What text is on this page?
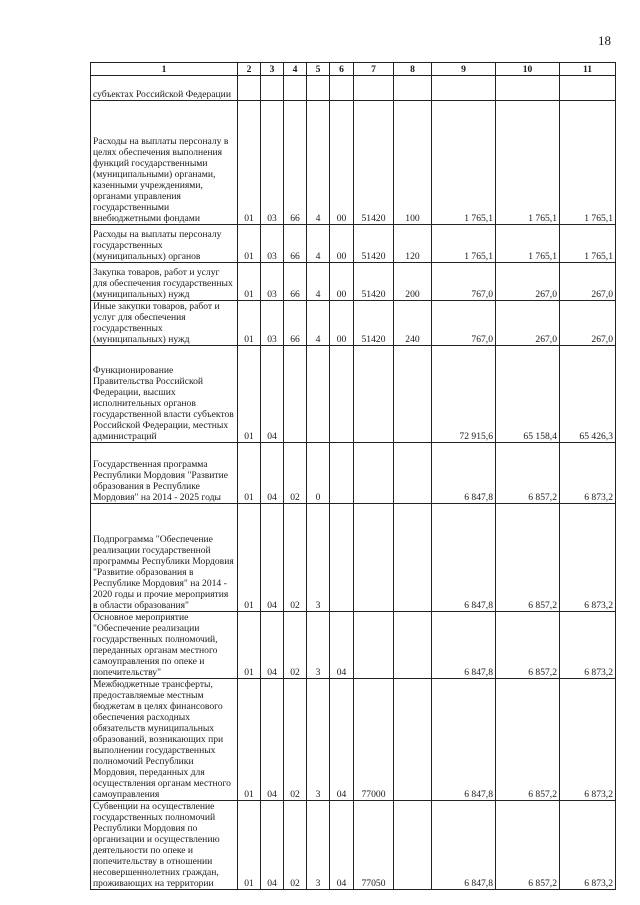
18
1	2	3	4	5	6	7	8	9	10	11
субъектах Российской Федерации										
Расходы на выплаты персоналу в целях обеспечения выполнения функций государственными (муниципальными) органами, казенными учреждениями, органами управления государственными внебюджетными фондами	01	03	66	4	00	51420	100	1 765,1	1 765,1	1 765,1
Расходы на выплаты персоналу государственных (муниципальных) органов	01	03	66	4	00	51420	120	1 765,1	1 765,1	1 765,1
Закупка товаров, работ и услуг для обеспечения государственных (муниципальных) нужд	01	03	66	4	00	51420	200	767,0	267,0	267,0
Иные закупки товаров, работ и услуг для обеспечения государственных (муниципальных) нужд	01	03	66	4	00	51420	240	767,0	267,0	267,0
Функционирование Правительства Российской Федерации, высших исполнительных органов государственной власти субъектов Российской Федерации, местных администраций	01	04						72 915,6	65 158,4	65 426,3
Государственная программа Республики Мордовия "Развитие образования в Республике Мордовия" на 2014 - 2025 годы	01	04	02	0				6 847,8	6 857,2	6 873,2
Подпрограмма "Обеспечение реализации государственной программы Республики Мордовия "Развитие образования в Республике Мордовия" на 2014 - 2020 годы и прочие мероприятия в области образования"	01	04	02	3				6 847,8	6 857,2	6 873,2
Основное мероприятие "Обеспечение реализации государственных полномочий, переданных органам местного самоуправления по опеке и попечительству"	01	04	02	3	04			6 847,8	6 857,2	6 873,2
Межбюджетные трансферты, предоставляемые местным бюджетам в целях финансового обеспечения расходных обязательств муниципальных образований, возникающих при выполнении государственных полномочий Республики Мордовия, переданных для осуществления органам местного самоуправления	01	04	02	3	04	77000		6 847,8	6 857,2	6 873,2
Субвенции на осуществление государственных полномочий Республики Мордовия по организации и осуществлению деятельности по опеке и попечительству в отношении несовершеннолетних граждан, проживающих на территории	01	04	02	3	04	77050		6 847,8	6 857,2	6 873,2
